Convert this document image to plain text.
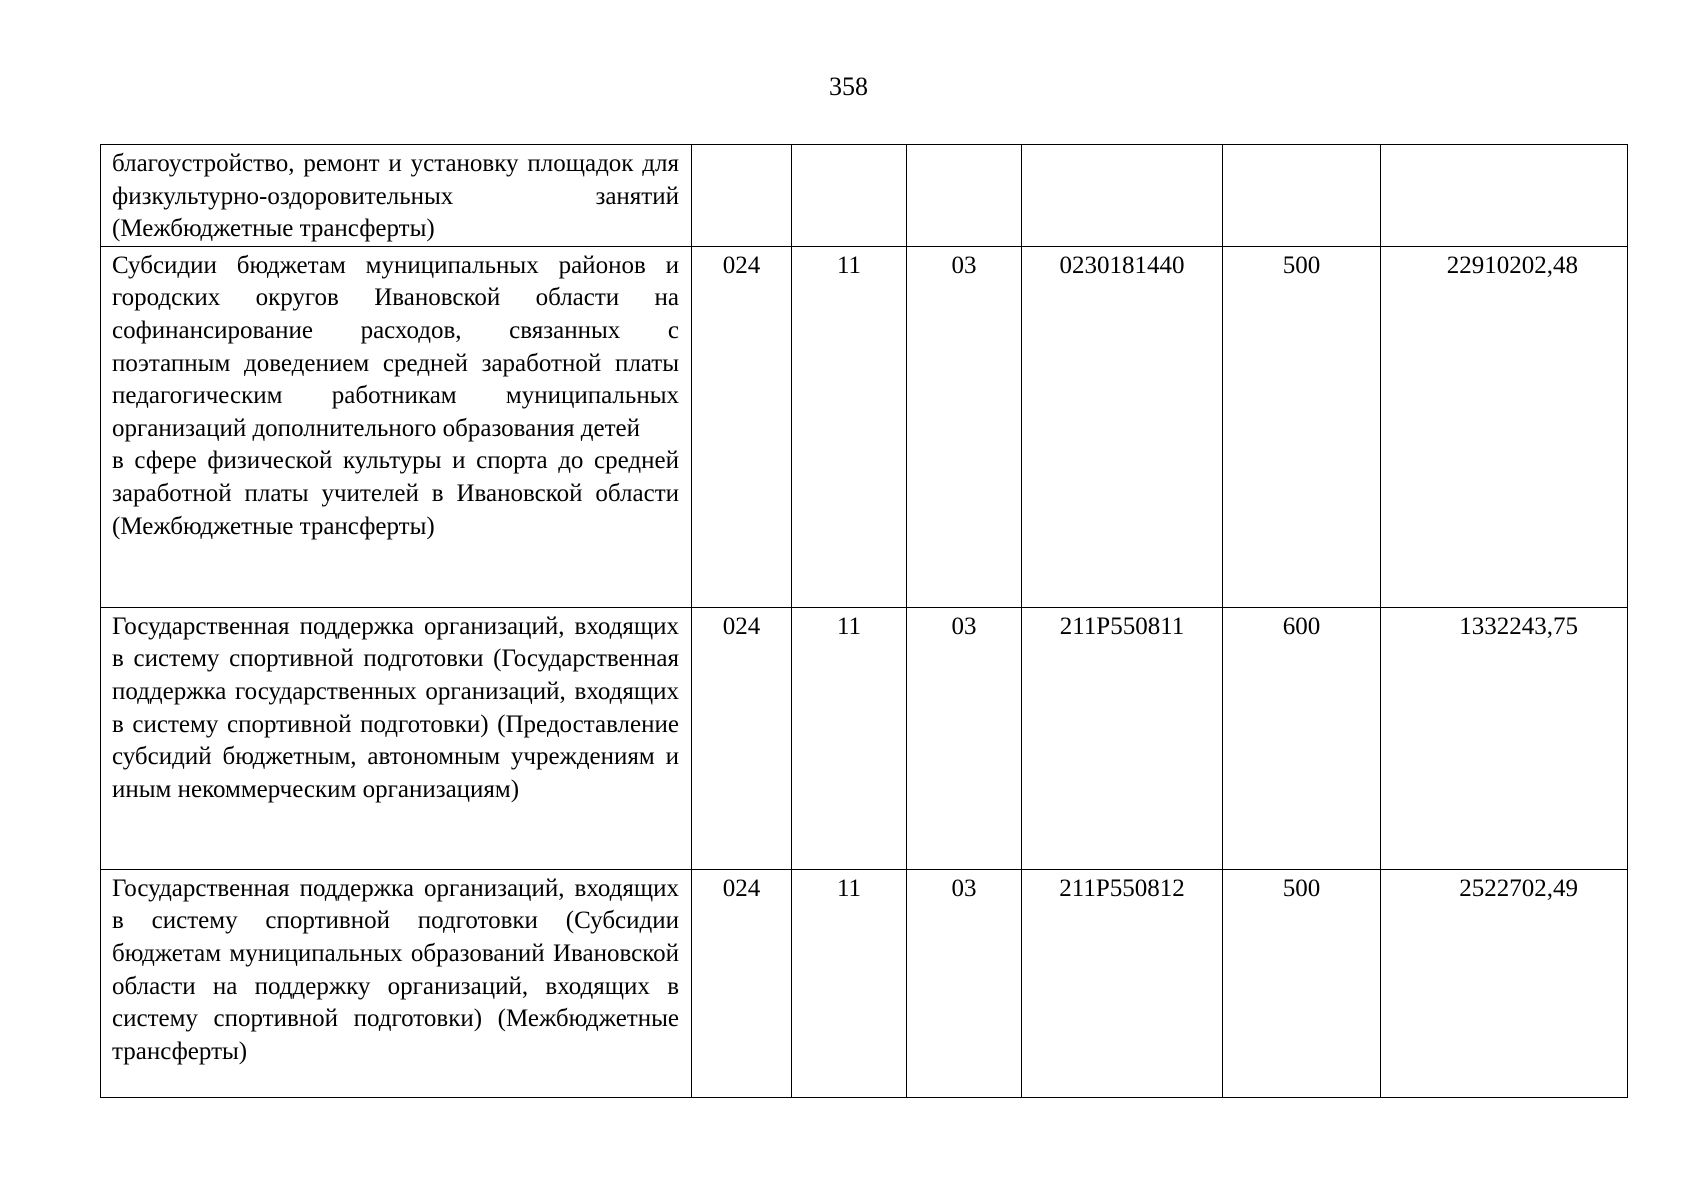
358
благоустройство, ремонт и установку площадок для физкультурно-оздоровительных занятий (Межбюджетные трансферты)						

Субсидии бюджетам муниципальных районов и городских округов Ивановской области на софинансирование расходов, связанных с поэтапным доведением средней заработной платы педагогическим работникам муниципальных организаций дополнительного образования детей
в сфере физической культуры и спорта до средней заработной платы учителей в Ивановской области (Межбюджетные трансферты)	024	11	03	0230181440	500	22910202,48

Государственная поддержка организаций, входящих в систему спортивной подготовки (Государственная поддержка государственных организаций, входящих в систему спортивной подготовки) (Предоставление субсидий бюджетным, автономным учреждениям и иным некоммерческим организациям)	024	11	03	211P550811	600	1332243,75

Государственная поддержка организаций, входящих в систему спортивной подготовки (Субсидии бюджетам муниципальных образований Ивановской области на поддержку организаций, входящих в систему спортивной подготовки) (Межбюджетные трансферты)	024	11	03	211P550812	500	2522702,49
